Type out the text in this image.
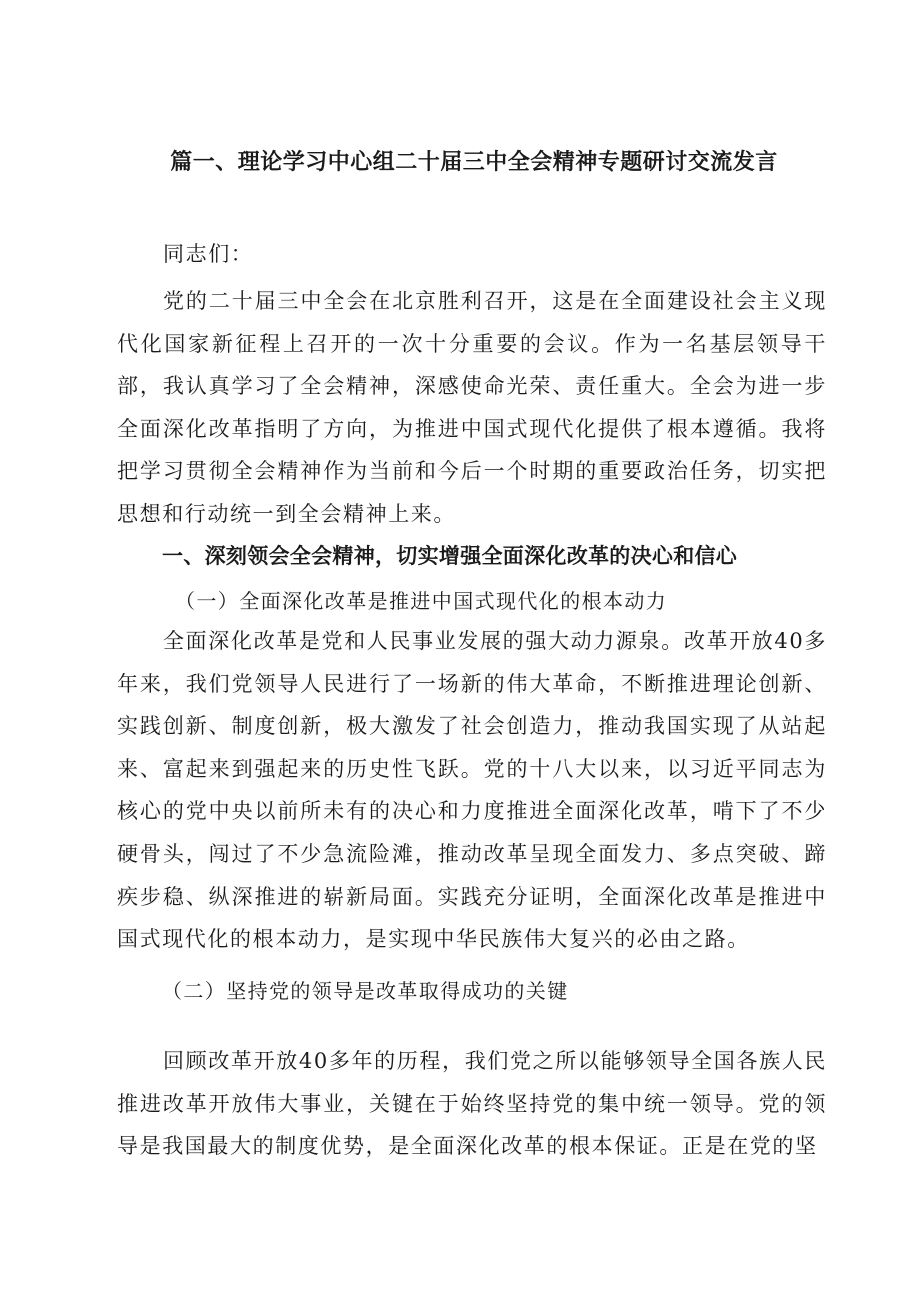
篇一、理论学习中心组二十届三中全会精神专题研讨交流发言

同志们：

党的二十届三中全会在北京胜利召开，这是在全面建设社会主义现代化国家新征程上召开的一次十分重要的会议。作为一名基层领导干部，我认真学习了全会精神，深感使命光荣、责任重大。全会为进一步全面深化改革指明了方向，为推进中国式现代化提供了根本遵循。我将把学习贯彻全会精神作为当前和今后一个时期的重要政治任务，切实把思想和行动统一到全会精神上来。

一、深刻领会全会精神，切实增强全面深化改革的决心和信心

（一）全面深化改革是推进中国式现代化的根本动力

全面深化改革是党和人民事业发展的强大动力源泉。改革开放40多年来，我们党领导人民进行了一场新的伟大革命，不断推进理论创新、实践创新、制度创新，极大激发了社会创造力，推动我国实现了从站起来、富起来到强起来的历史性飞跃。党的十八大以来，以习近平同志为核心的党中央以前所未有的决心和力度推进全面深化改革，啃下了不少硬骨头，闯过了不少急流险滩，推动改革呈现全面发力、多点突破、蹄疾步稳、纵深推进的崭新局面。实践充分证明，全面深化改革是推进中国式现代化的根本动力，是实现中华民族伟大复兴的必由之路。

（二）坚持党的领导是改革取得成功的关键

回顾改革开放40多年的历程，我们党之所以能够领导全国各族人民推进改革开放伟大事业，关键在于始终坚持党的集中统一领导。党的领导是我国最大的制度优势，是全面深化改革的根本保证。正是在党的坚
